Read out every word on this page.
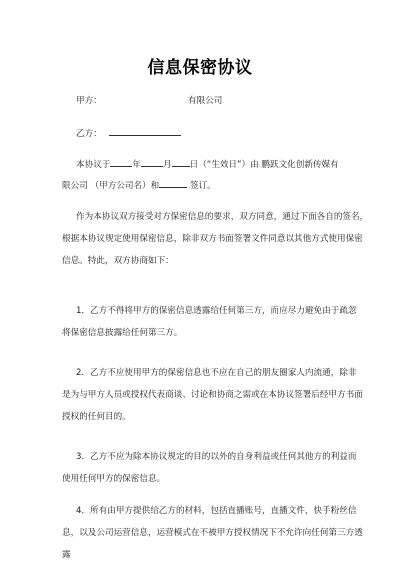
信息保密协议
甲方：	有限公司
乙方：
本协议于	年	月 日（“生效日”）由 鹏跃文化创新传媒有
限公司 （甲方公司名）和	签订。
作为本协议双方接受对方保密信息的要求，双方同意，通过下面各自的签名，
根据本协议规定使用保密信息，除非双方书面签署文件同意以其他方式使用保密
信息。特此，双方协商如下：
1．乙方不得将甲方的保密信息透露给任何第三方，而应尽力避免由于疏忽
将保密信息披露给任何第三方。
2．乙方不应使用甲方的保密信息也不应在自己的朋友圈家人内流通，除非
是为与甲方人员或授权代表商谈、讨论和协商之需或在本协议签署后经甲方书面
授权的任何目的。
3．乙方不应为除本协议规定的目的以外的自身利益或任何其他方的利益而
使用任何甲方的保密信息。
4．所有由甲方提供给乙方的材料，包括直播账号，直播文件，快手粉丝信
息，以及公司运营信息，运营模式在不被甲方授权情况下不允许向任何第三方透
露
